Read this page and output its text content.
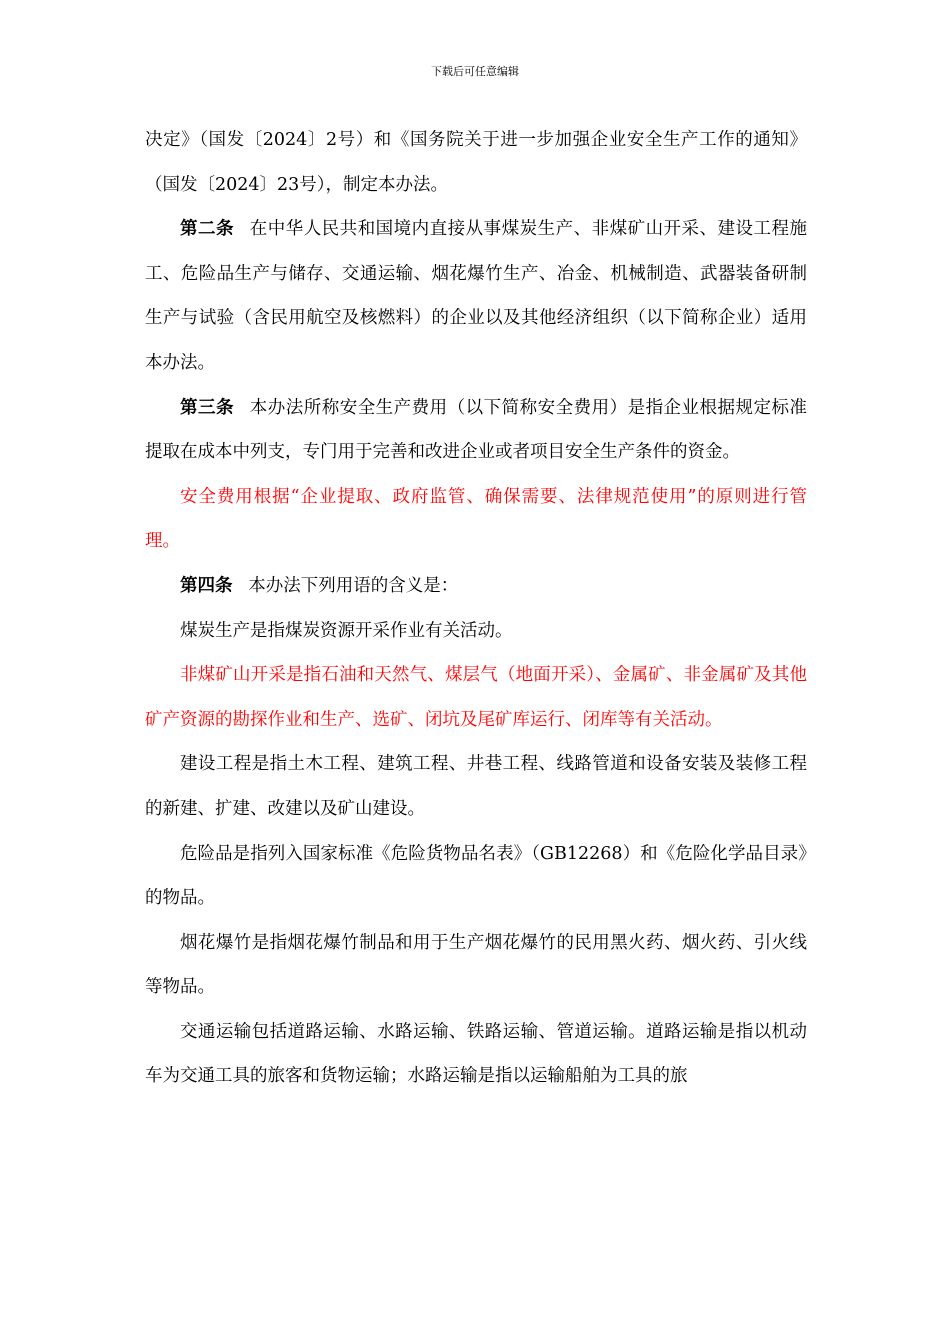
下载后可任意编辑

决定》（国发〔2024〕2号）和《国务院关于进一步加强企业安全生产工作的通知》（国发〔2024〕23号），制定本办法。

第二条 在中华人民共和国境内直接从事煤炭生产、非煤矿山开采、建设工程施工、危险品生产与储存、交通运输、烟花爆竹生产、冶金、机械制造、武器装备研制生产与试验（含民用航空及核燃料）的企业以及其他经济组织（以下简称企业）适用本办法。

第三条 本办法所称安全生产费用（以下简称安全费用）是指企业根据规定标准提取在成本中列支，专门用于完善和改进企业或者项目安全生产条件的资金。

安全费用根据“企业提取、政府监管、确保需要、法律规范使用”的原则进行管理。

第四条 本办法下列用语的含义是：

煤炭生产是指煤炭资源开采作业有关活动。

非煤矿山开采是指石油和天然气、煤层气（地面开采）、金属矿、非金属矿及其他矿产资源的勘探作业和生产、选矿、闭坑及尾矿库运行、闭库等有关活动。

建设工程是指土木工程、建筑工程、井巷工程、线路管道和设备安装及装修工程的新建、扩建、改建以及矿山建设。

危险品是指列入国家标准《危险货物品名表》（GB12268）和《危险化学品目录》的物品。

烟花爆竹是指烟花爆竹制品和用于生产烟花爆竹的民用黑火药、烟火药、引火线等物品。

交通运输包括道路运输、水路运输、铁路运输、管道运输。道路运输是指以机动车为交通工具的旅客和货物运输；水路运输是指以运输船舶为工具的旅
